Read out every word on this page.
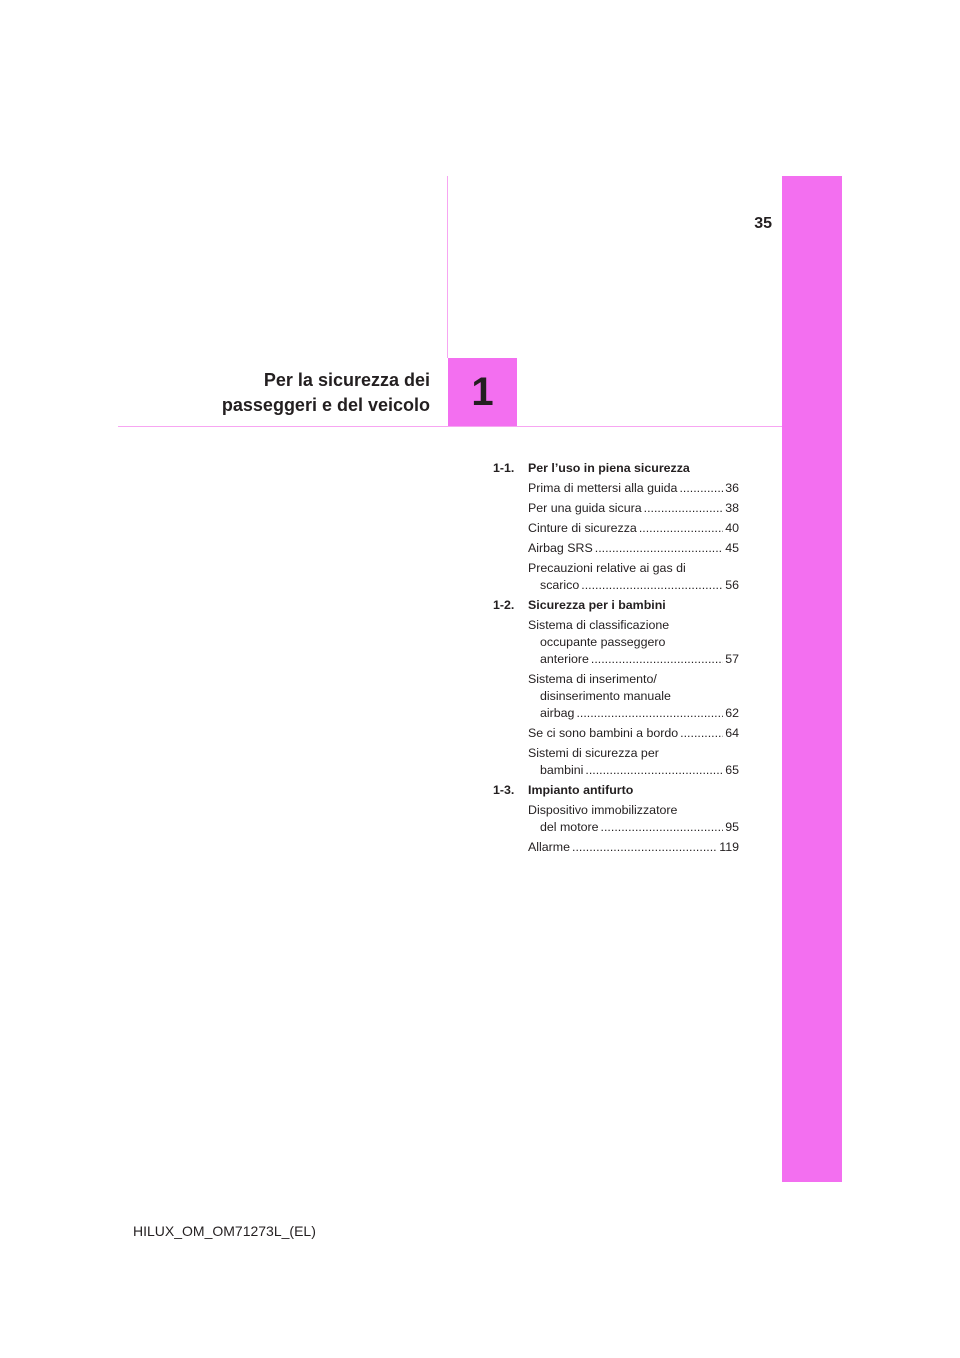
35
Per la sicurezza dei
passeggeri e del veicolo	1
1-1.	Per l’uso in piena sicurezza
Prima di mettersi alla guida .....	36
Per una guida sicura .....	38
Cinture di sicurezza .....	40
Airbag SRS .....	45
Precauzioni relative ai gas di
scarico .....	56
1-2.	Sicurezza per i bambini
Sistema di classificazione
occupante passeggero
anteriore .....	57
Sistema di inserimento/
disinserimento manuale
airbag .....	62
Se ci sono bambini a bordo .....	64
Sistemi di sicurezza per
bambini .....	65
1-3.	Impianto antifurto
Dispositivo immobilizzatore
del motore .....	95
Allarme .....	119
HILUX_OM_OM71273L_(EL)
